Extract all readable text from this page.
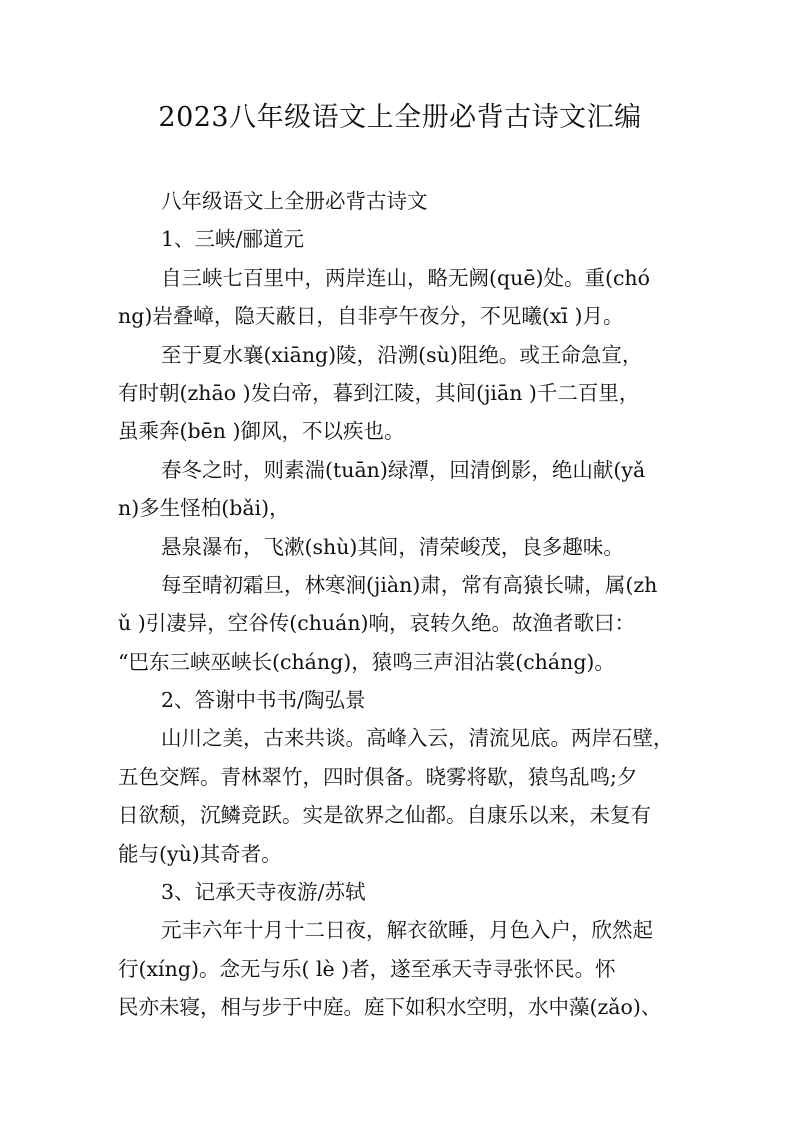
2023八年级语文上全册必背古诗文汇编
八年级语文上全册必背古诗文
1、三峡/郦道元
自三峡七百里中，两岸连山，略无阙(quē)处。重(chó
ng)岩叠嶂，隐天蔽日，自非亭午夜分，不见曦(xī )月。
至于夏水襄(xiāng)陵，沿溯(sù)阻绝。或王命急宣，
有时朝(zhāo )发白帝，暮到江陵，其间(jiān )千二百里，
虽乘奔(bēn )御风，不以疾也。
春冬之时，则素湍(tuān)绿潭，回清倒影，绝山献(yǎ
n)多生怪柏(bǎi)，
悬泉瀑布，飞漱(shù)其间，清荣峻茂，良多趣味。
每至晴初霜旦，林寒涧(jiàn)肃，常有高猿长啸，属(zh
ǔ )引凄异，空谷传(chuán)响，哀转久绝。故渔者歌曰：
“巴东三峡巫峡长(cháng)，猿鸣三声泪沾裳(cháng)。
2、答谢中书书/陶弘景
山川之美，古来共谈。高峰入云，清流见底。两岸石壁，
五色交辉。青林翠竹，四时俱备。晓雾将歇，猿鸟乱鸣;夕
日欲颓，沉鳞竞跃。实是欲界之仙都。自康乐以来，未复有
能与(yù)其奇者。
3、记承天寺夜游/苏轼
元丰六年十月十二日夜，解衣欲睡，月色入户，欣然起
行(xíng)。念无与乐( lè )者，遂至承天寺寻张怀民。怀
民亦未寝，相与步于中庭。庭下如积水空明，水中藻(zǎo)、
